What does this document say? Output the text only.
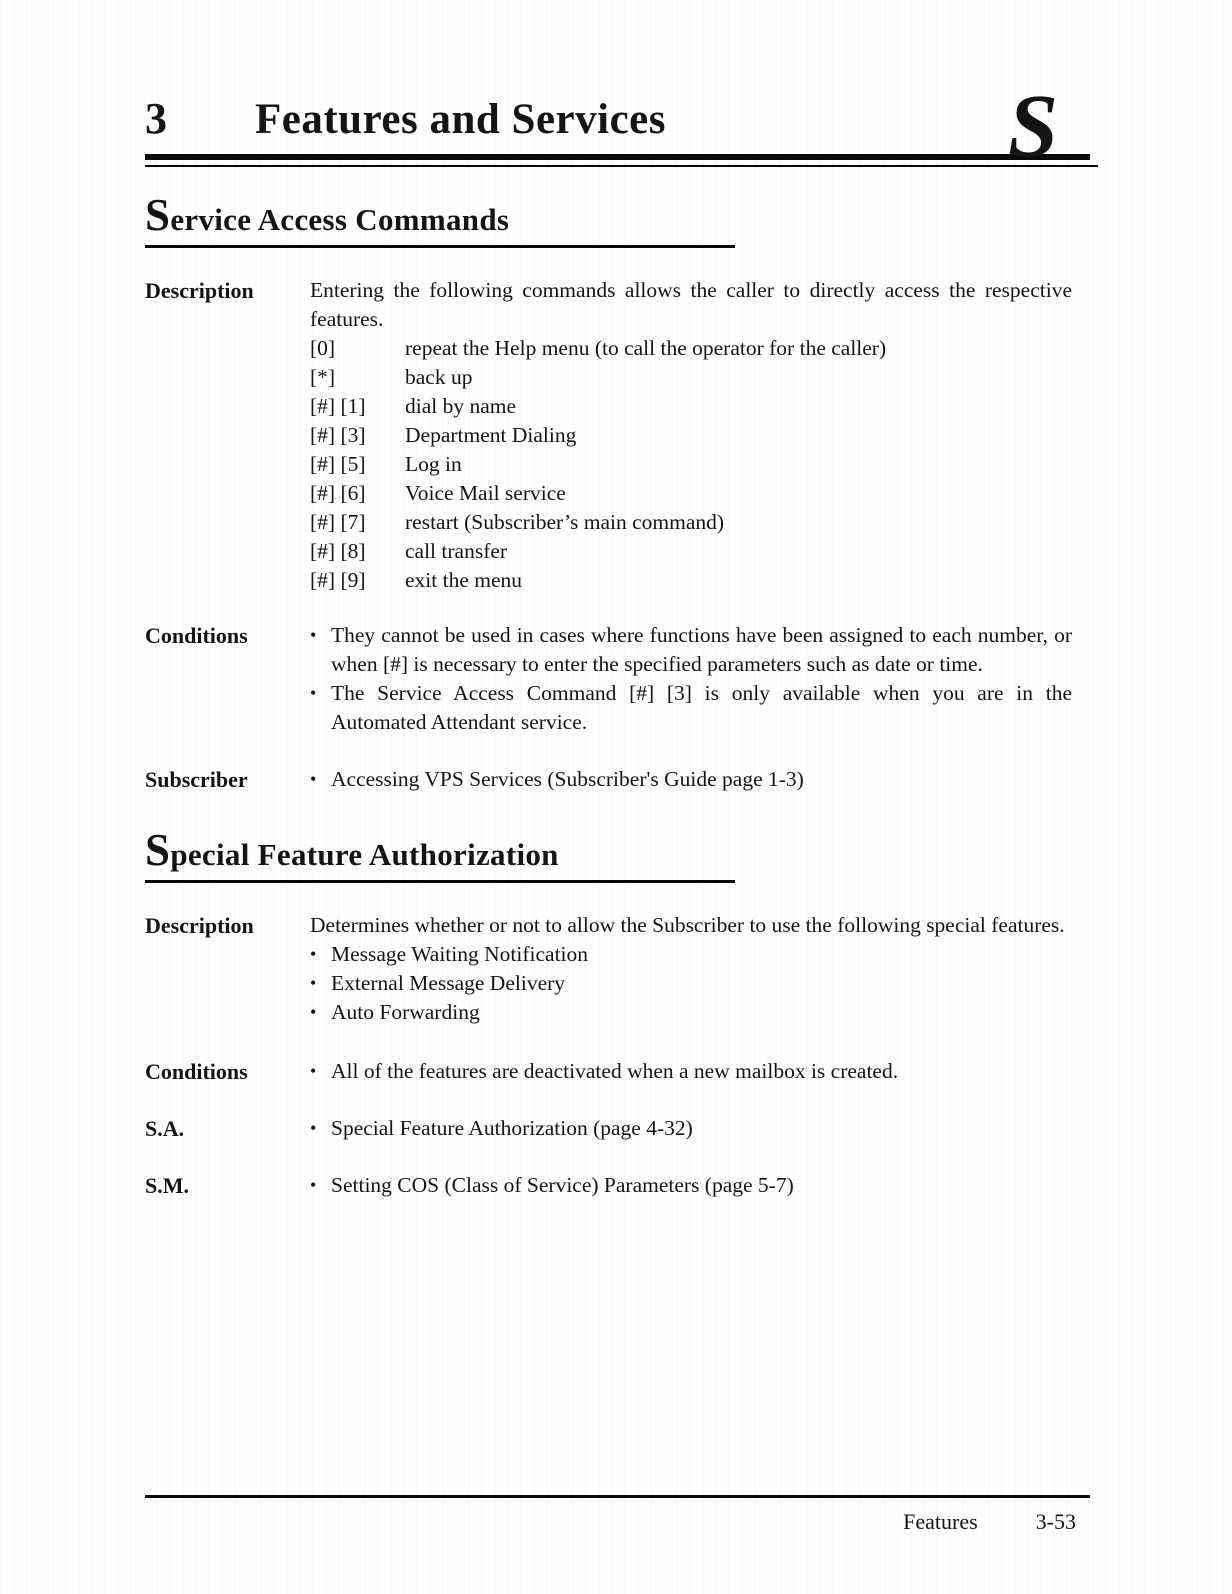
3	Features and Services	S
Service Access Commands
Description	Entering the following commands allows the caller to directly access the respective features.
[0]	repeat the Help menu (to call the operator for the caller)
[*]	back up
[#] [1]	dial by name
[#] [3]	Department Dialing
[#] [5]	Log in
[#] [6]	Voice Mail service
[#] [7]	restart (Subscriber’s main command)
[#] [8]	call transfer
[#] [9]	exit the menu
Conditions	• They cannot be used in cases where functions have been assigned to each number, or when [#] is necessary to enter the specified parameters such as date or time.
• The Service Access Command [#] [3] is only available when you are in the Automated Attendant service.
Subscriber	• Accessing VPS Services (Subscriber's Guide page 1-3)
Special Feature Authorization
Description	Determines whether or not to allow the Subscriber to use the following special features.
• Message Waiting Notification
• External Message Delivery
• Auto Forwarding
Conditions	• All of the features are deactivated when a new mailbox is created.
S.A.	• Special Feature Authorization (page 4-32)
S.M.	• Setting COS (Class of Service) Parameters (page 5-7)
Features	3-53
